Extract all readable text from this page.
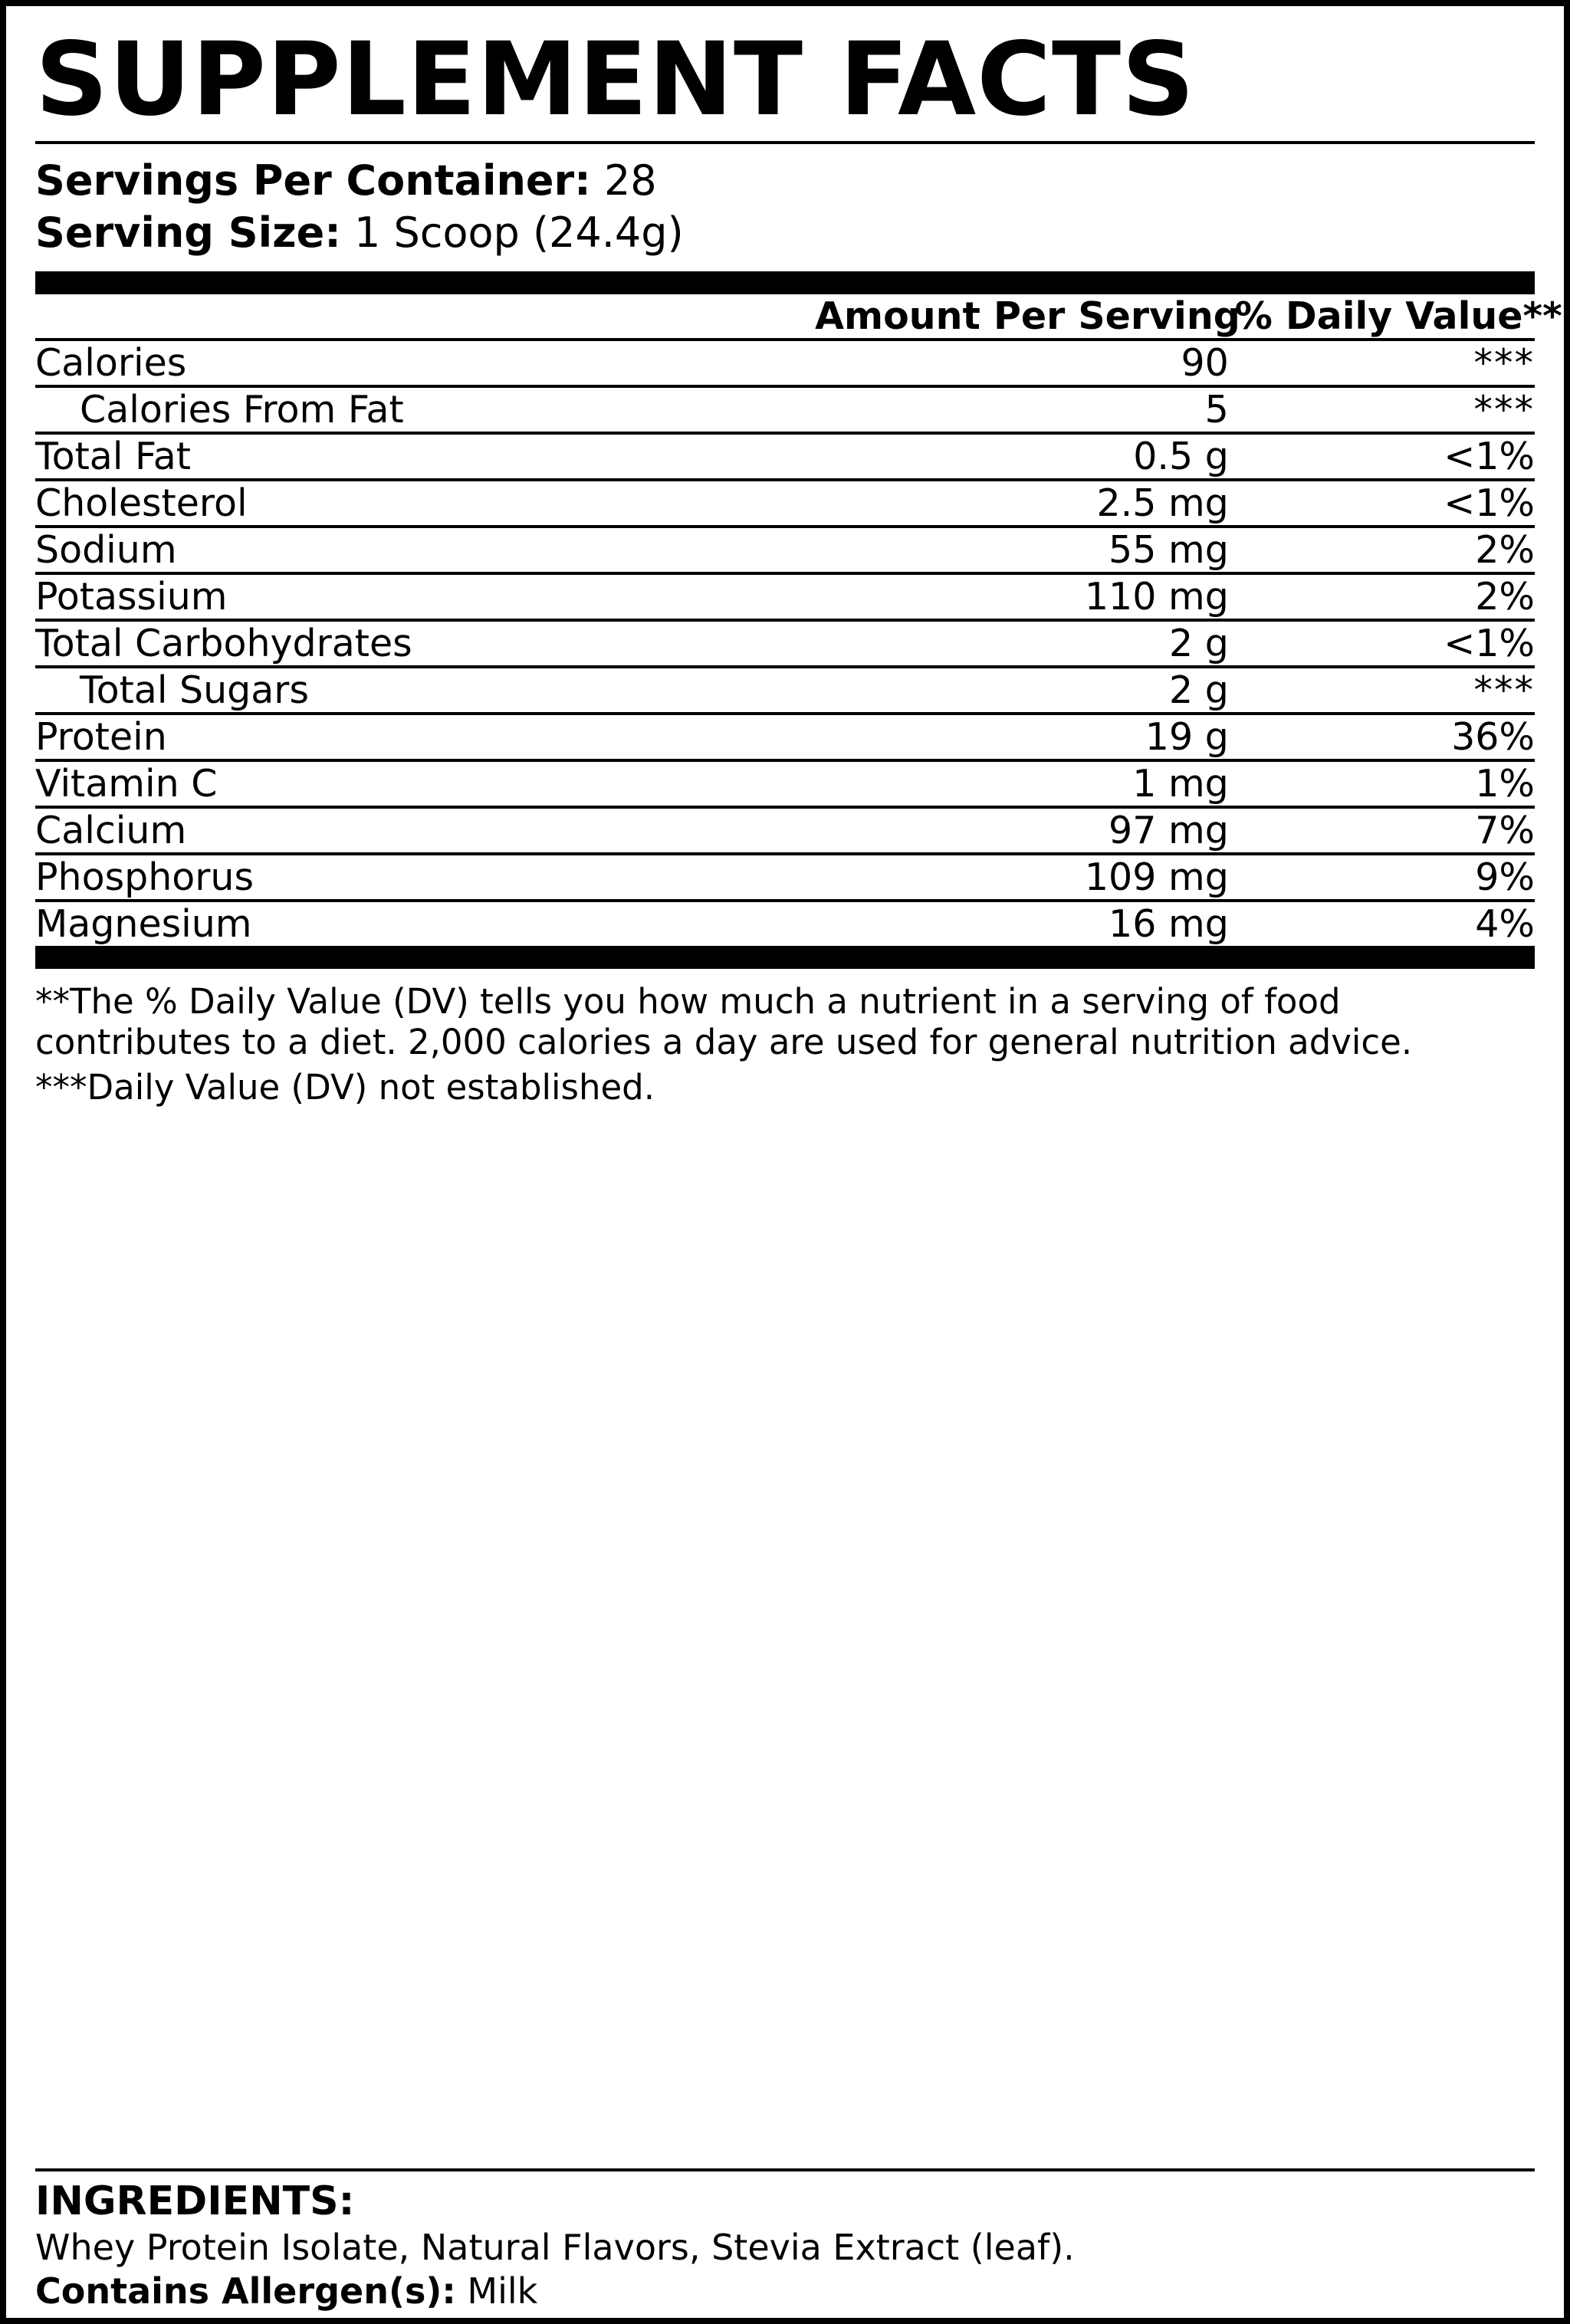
SUPPLEMENT FACTS
Servings Per Container: 28
Serving Size: 1 Scoop (24.4g)
	Amount Per Serving	% Daily Value**
Calories	90	***
Calories From Fat	5	***
Total Fat	0.5 g	<1%
Cholesterol	2.5 mg	<1%
Sodium	55 mg	2%
Potassium	110 mg	2%
Total Carbohydrates	2 g	<1%
Total Sugars	2 g	***
Protein	19 g	36%
Vitamin C	1 mg	1%
Calcium	97 mg	7%
Phosphorus	109 mg	9%
Magnesium	16 mg	4%

**The % Daily Value (DV) tells you how much a nutrient in a serving of food contributes to a diet. 2,000 calories a day are used for general nutrition advice.

***Daily Value (DV) not established.

INGREDIENTS:
Whey Protein Isolate, Natural Flavors, Stevia Extract (leaf).
Contains Allergen(s): Milk
